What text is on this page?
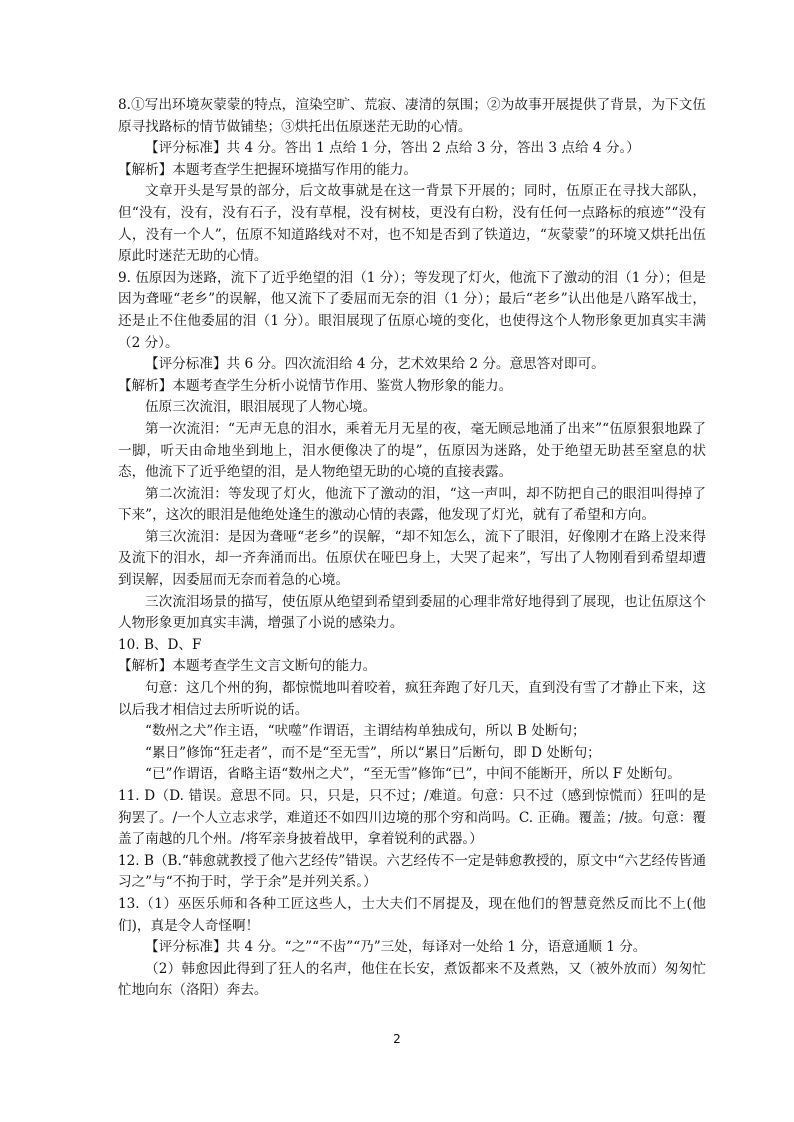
8.①写出环境灰蒙蒙的特点，渲染空旷、荒寂、凄清的氛围；②为故事开展提供了背景，为下文伍原寻找路标的情节做铺垫；③烘托出伍原迷茫无助的心情。

【评分标准】共 4 分。答出 1 点给 1 分，答出 2 点给 3 分，答出 3 点给 4 分。）

【解析】本题考查学生把握环境描写作用的能力。

文章开头是写景的部分，后文故事就是在这一背景下开展的；同时，伍原正在寻找大部队，但“没有，没有，没有石子，没有草棍，没有树枝，更没有白粉，没有任何一点路标的痕迹”“没有人，没有一个人”，伍原不知道路线对不对，也不知是否到了铁道边，“灰蒙蒙”的环境又烘托出伍原此时迷茫无助的心情。

9. 伍原因为迷路，流下了近乎绝望的泪（1 分）；等发现了灯火，他流下了激动的泪（1 分）；但是因为聋哑“老乡”的误解，他又流下了委屈而无奈的泪（1 分）；最后“老乡”认出他是八路军战士，还是止不住他委屈的泪（1 分）。眼泪展现了伍原心境的变化，也使得这个人物形象更加真实丰满（2 分）。

【评分标准】共 6 分。四次流泪给 4 分，艺术效果给 2 分。意思答对即可。

【解析】本题考查学生分析小说情节作用、鉴赏人物形象的能力。

伍原三次流泪，眼泪展现了人物心境。

第一次流泪：“无声无息的泪水，乘着无月无星的夜，毫无顾忌地涌了出来”“伍原狠狠地跺了一脚，听天由命地坐到地上，泪水便像决了的堤”，伍原因为迷路，处于绝望无助甚至窒息的状态，他流下了近乎绝望的泪，是人物绝望无助的心境的直接表露。

第二次流泪：等发现了灯火，他流下了激动的泪，“这一声叫，却不防把自己的眼泪叫得掉了下来”，这次的眼泪是他绝处逢生的激动心情的表露，他发现了灯光，就有了希望和方向。

第三次流泪：是因为聋哑“老乡”的误解，“却不知怎么，流下了眼泪，好像刚才在路上没来得及流下的泪水，却一齐奔涌而出。伍原伏在哑巴身上，大哭了起来”，写出了人物刚看到希望却遭到误解，因委屈而无奈而着急的心境。

三次流泪场景的描写，使伍原从绝望到希望到委屈的心理非常好地得到了展现，也让伍原这个人物形象更加真实丰满，增强了小说的感染力。

10. B、D、F

【解析】本题考查学生文言文断句的能力。

句意：这几个州的狗，都惊慌地叫着咬着，疯狂奔跑了好几天，直到没有雪了才静止下来，这以后我才相信过去所听说的话。

“数州之犬”作主语，“吠噬”作谓语，主谓结构单独成句，所以 B 处断句；

“累日”修饰“狂走者”，而不是“至无雪”，所以“累日”后断句，即 D 处断句；

“已”作谓语，省略主语“数州之犬”，“至无雪”修饰“已”，中间不能断开，所以 F 处断句。

11. D（D. 错误。意思不同。只，只是，只不过；/难道。句意：只不过（感到惊慌而）狂叫的是狗罢了。/一个人立志求学，难道还不如四川边境的那个穷和尚吗。C. 正确。覆盖；/披。句意：覆盖了南越的几个州。/将军亲身披着战甲，拿着锐利的武器。）

12. B（B.“韩愈就教授了他六艺经传”错误。六艺经传不一定是韩愈教授的，原文中“六艺经传皆通习之”与“不拘于时，学于余”是并列关系。）

13.（1）巫医乐师和各种工匠这些人，士大夫们不屑提及，现在他们的智慧竟然反而比不上(他们)，真是令人奇怪啊！

【评分标准】共 4 分。“之”“不齿”“乃”三处，每译对一处给 1 分，语意通顺 1 分。

（2）韩愈因此得到了狂人的名声，他住在长安，煮饭都来不及煮熟，又（被外放而）匆匆忙忙地向东（洛阳）奔去。

2
